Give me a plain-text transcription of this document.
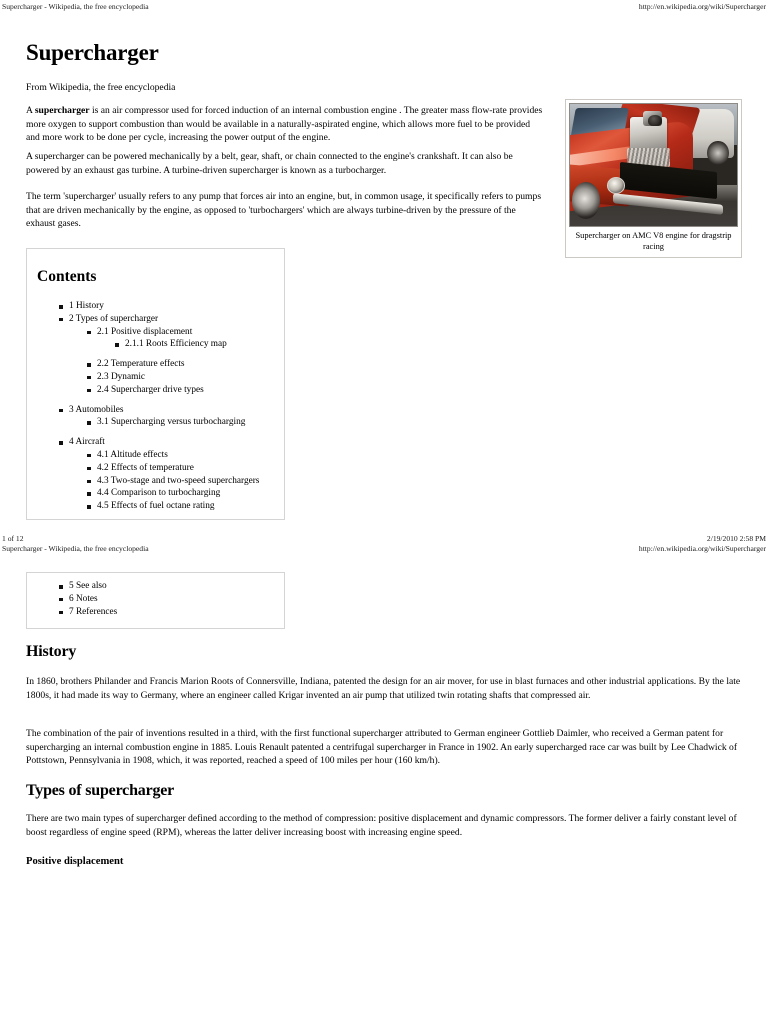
Supercharger - Wikipedia, the free encyclopedia	http://en.wikipedia.org/wiki/Supercharger
Supercharger

From Wikipedia, the free encyclopedia

A supercharger is an air compressor used for forced induction of an internal combustion engine . The greater mass flow-rate provides more oxygen to support combustion than would be available in a naturally-aspirated engine, which allows more fuel to be provided and more work to be done per cycle, increasing the power output of the engine.

A supercharger can be powered mechanically by a belt, gear, shaft, or chain connected to the engine's crankshaft. It can also be powered by an exhaust gas turbine. A turbine-driven supercharger is known as a turbocharger.

The term 'supercharger' usually refers to any pump that forces air into an engine, but, in common usage, it specifically refers to pumps that are driven mechanically by the engine, as opposed to 'turbochargers' which are always turbine-driven by the pressure of the exhaust gases.

Supercharger on AMC V8 engine for dragstrip racing
Contents
1 History
2 Types of supercharger
2.1 Positive displacement
2.1.1 Roots Efficiency map
2.2 Temperature effects
2.3 Dynamic
2.4 Supercharger drive types
3 Automobiles
3.1 Supercharging versus turbocharging
4 Aircraft
4.1 Altitude effects
4.2 Effects of temperature
4.3 Two-stage and two-speed superchargers
4.4 Comparison to turbocharging
4.5 Effects of fuel octane rating
1 of 12	2/19/2010 2:58 PM
Supercharger - Wikipedia, the free encyclopedia	http://en.wikipedia.org/wiki/Supercharger
5 See also
6 Notes
7 References
History

In 1860, brothers Philander and Francis Marion Roots of Connersville, Indiana, patented the design for an air mover, for use in blast furnaces and other industrial applications. By the late 1800s, it had made its way to Germany, where an engineer called Krigar invented an air pump that utilized twin rotating shafts that compressed air.

The combination of the pair of inventions resulted in a third, with the first functional supercharger attributed to German engineer Gottlieb Daimler, who received a German patent for supercharging an internal combustion engine in 1885. Louis Renault patented a centrifugal supercharger in France in 1902. An early supercharged race car was built by Lee Chadwick of Pottstown, Pennsylvania in 1908, which, it was reported, reached a speed of 100 miles per hour (160 km/h).

Types of supercharger

There are two main types of supercharger defined according to the method of compression: positive displacement and dynamic compressors. The former deliver a fairly constant level of boost regardless of engine speed (RPM), whereas the latter deliver increasing boost with increasing engine speed.

Positive displacement
